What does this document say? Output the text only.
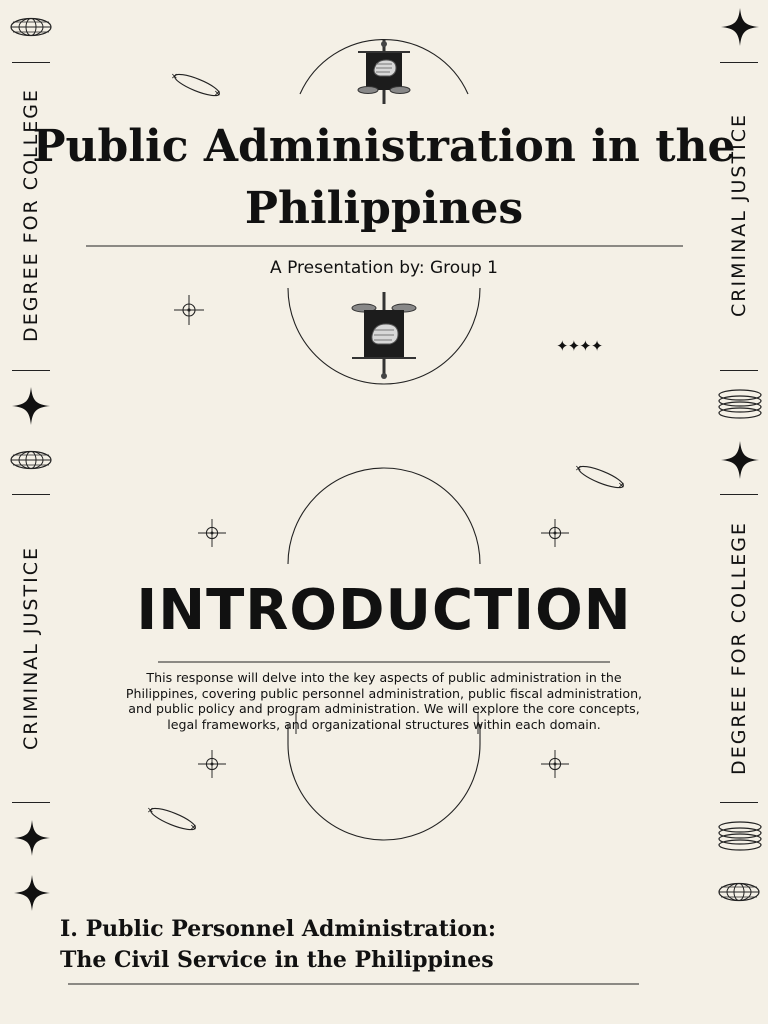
DEGREE FOR COLLEGE
CRIMINAL JUSTICE
CRIMINAL JUSTICE
DEGREE FOR COLLEGE
✕
✕
✕
✕
✕
✕
✦✦✦✦
Public Administration in the
Philippines
A Presentation by: Group 1
INTRODUCTION
This response will delve into the key aspects of public administration in the
Philippines, covering public personnel administration, public fiscal administration,
and public policy and program administration. We will explore the core concepts,
legal frameworks, and organizational structures within each domain.
I. Public Personnel Administration:
The Civil Service in the Philippines
